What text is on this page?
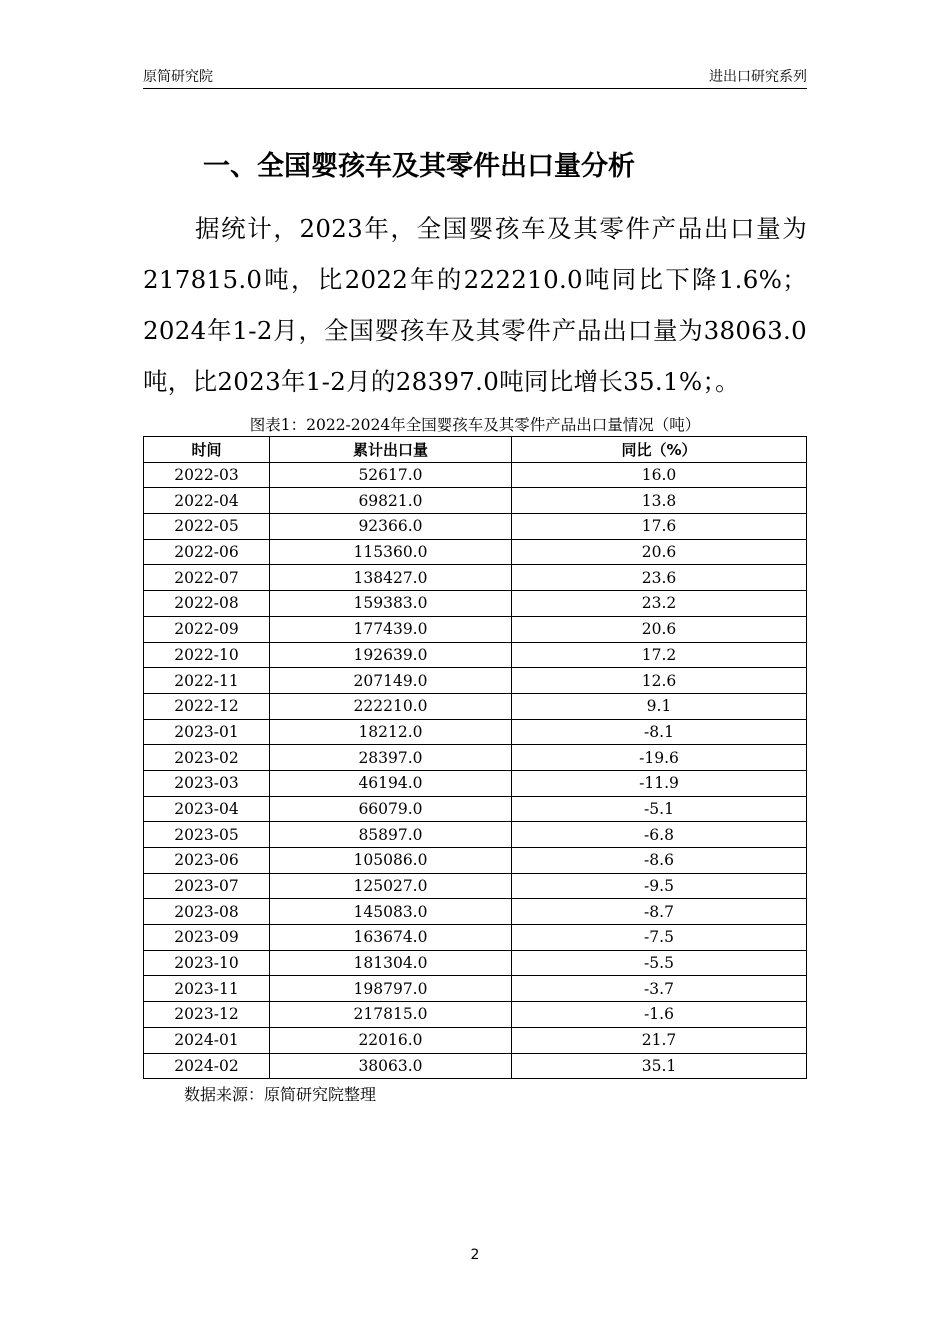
原简研究院	进出口研究系列
一、全国婴孩车及其零件出口量分析
据统计，2023年，全国婴孩车及其零件产品出口量为217815.0吨，比2022年的222210.0吨同比下降1.6%；2024年1-2月，全国婴孩车及其零件产品出口量为38063.0吨，比2023年1-2月的28397.0吨同比增长35.1%；。
图表1：2022-2024年全国婴孩车及其零件产品出口量情况（吨）
时间	累计出口量	同比（%）
2022-03	52617.0	16.0
2022-04	69821.0	13.8
2022-05	92366.0	17.6
2022-06	115360.0	20.6
2022-07	138427.0	23.6
2022-08	159383.0	23.2
2022-09	177439.0	20.6
2022-10	192639.0	17.2
2022-11	207149.0	12.6
2022-12	222210.0	9.1
2023-01	18212.0	-8.1
2023-02	28397.0	-19.6
2023-03	46194.0	-11.9
2023-04	66079.0	-5.1
2023-05	85897.0	-6.8
2023-06	105086.0	-8.6
2023-07	125027.0	-9.5
2023-08	145083.0	-8.7
2023-09	163674.0	-7.5
2023-10	181304.0	-5.5
2023-11	198797.0	-3.7
2023-12	217815.0	-1.6
2024-01	22016.0	21.7
2024-02	38063.0	35.1
数据来源：原简研究院整理
2
